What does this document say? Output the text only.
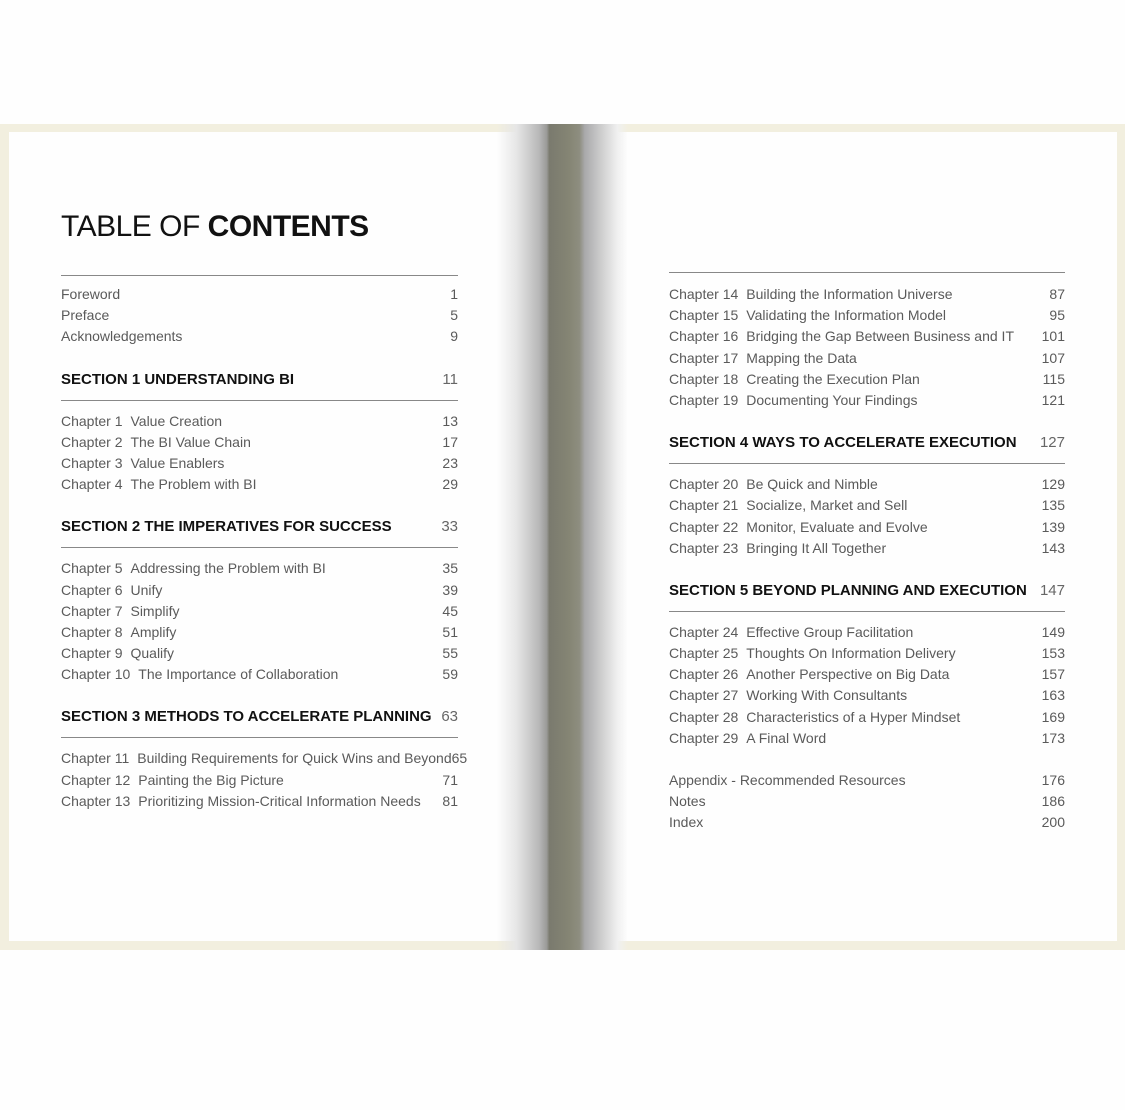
TABLE OF CONTENTS
Foreword	1
Preface	5
Acknowledgements	9
SECTION 1 UNDERSTANDING BI	11
Chapter 1 Value Creation	13
Chapter 2 The BI Value Chain	17
Chapter 3 Value Enablers	23
Chapter 4 The Problem with BI	29
SECTION 2 THE IMPERATIVES FOR SUCCESS	33
Chapter 5 Addressing the Problem with BI	35
Chapter 6 Unify	39
Chapter 7 Simplify	45
Chapter 8 Amplify	51
Chapter 9 Qualify	55
Chapter 10 The Importance of Collaboration	59
SECTION 3 METHODS TO ACCELERATE PLANNING 63
Chapter 11 Building Requirements for Quick Wins and Beyond 65
Chapter 12 Painting the Big Picture	71
Chapter 13 Prioritizing Mission-Critical Information Needs 81
Chapter 14 Building the Information Universe	87
Chapter 15 Validating the Information Model	95
Chapter 16 Bridging the Gap Between Business and IT 101
Chapter 17 Mapping the Data	107
Chapter 18 Creating the Execution Plan	115
Chapter 19 Documenting Your Findings	121
SECTION 4 WAYS TO ACCELERATE EXECUTION 127
Chapter 20 Be Quick and Nimble	129
Chapter 21 Socialize, Market and Sell	135
Chapter 22 Monitor, Evaluate and Evolve	139
Chapter 23 Bringing It All Together	143
SECTION 5 BEYOND PLANNING AND EXECUTION 147
Chapter 24 Effective Group Facilitation	149
Chapter 25 Thoughts On Information Delivery	153
Chapter 26 Another Perspective on Big Data	157
Chapter 27 Working With Consultants	163
Chapter 28 Characteristics of a Hyper Mindset	169
Chapter 29 A Final Word	173
Appendix - Recommended Resources	176
Notes	186
Index	200
